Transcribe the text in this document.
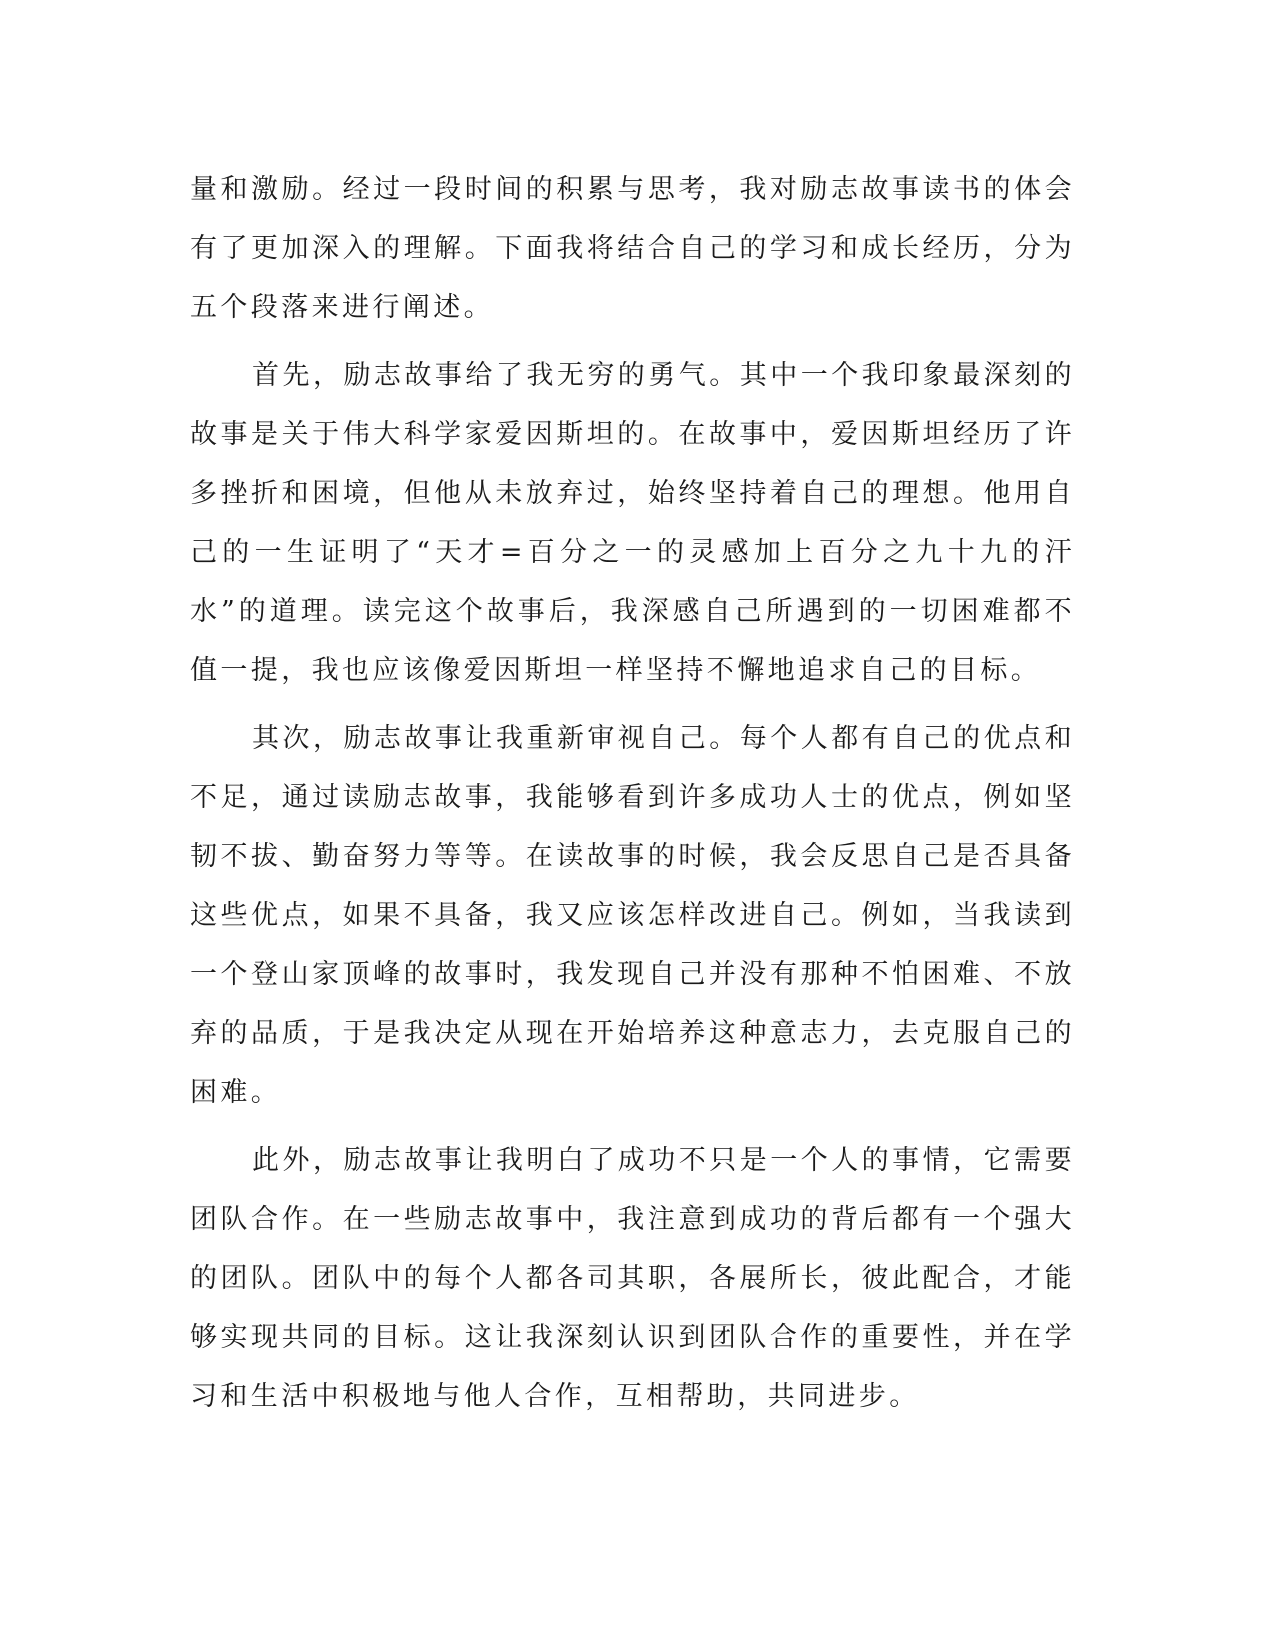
量和激励。经过一段时间的积累与思考，我对励志故事读书的体会有了更加深入的理解。下面我将结合自己的学习和成长经历，分为五个段落来进行阐述。

首先，励志故事给了我无穷的勇气。其中一个我印象最深刻的故事是关于伟大科学家爱因斯坦的。在故事中，爱因斯坦经历了许多挫折和困境，但他从未放弃过，始终坚持着自己的理想。他用自己的一生证明了“天才=百分之一的灵感加上百分之九十九的汗水”的道理。读完这个故事后，我深感自己所遇到的一切困难都不值一提，我也应该像爱因斯坦一样坚持不懈地追求自己的目标。

其次，励志故事让我重新审视自己。每个人都有自己的优点和不足，通过读励志故事，我能够看到许多成功人士的优点，例如坚韧不拔、勤奋努力等等。在读故事的时候，我会反思自己是否具备这些优点，如果不具备，我又应该怎样改进自己。例如，当我读到一个登山家顶峰的故事时，我发现自己并没有那种不怕困难、不放弃的品质，于是我决定从现在开始培养这种意志力，去克服自己的困难。

此外，励志故事让我明白了成功不只是一个人的事情，它需要团队合作。在一些励志故事中，我注意到成功的背后都有一个强大的团队。团队中的每个人都各司其职，各展所长，彼此配合，才能够实现共同的目标。这让我深刻认识到团队合作的重要性，并在学习和生活中积极地与他人合作，互相帮助，共同进步。
